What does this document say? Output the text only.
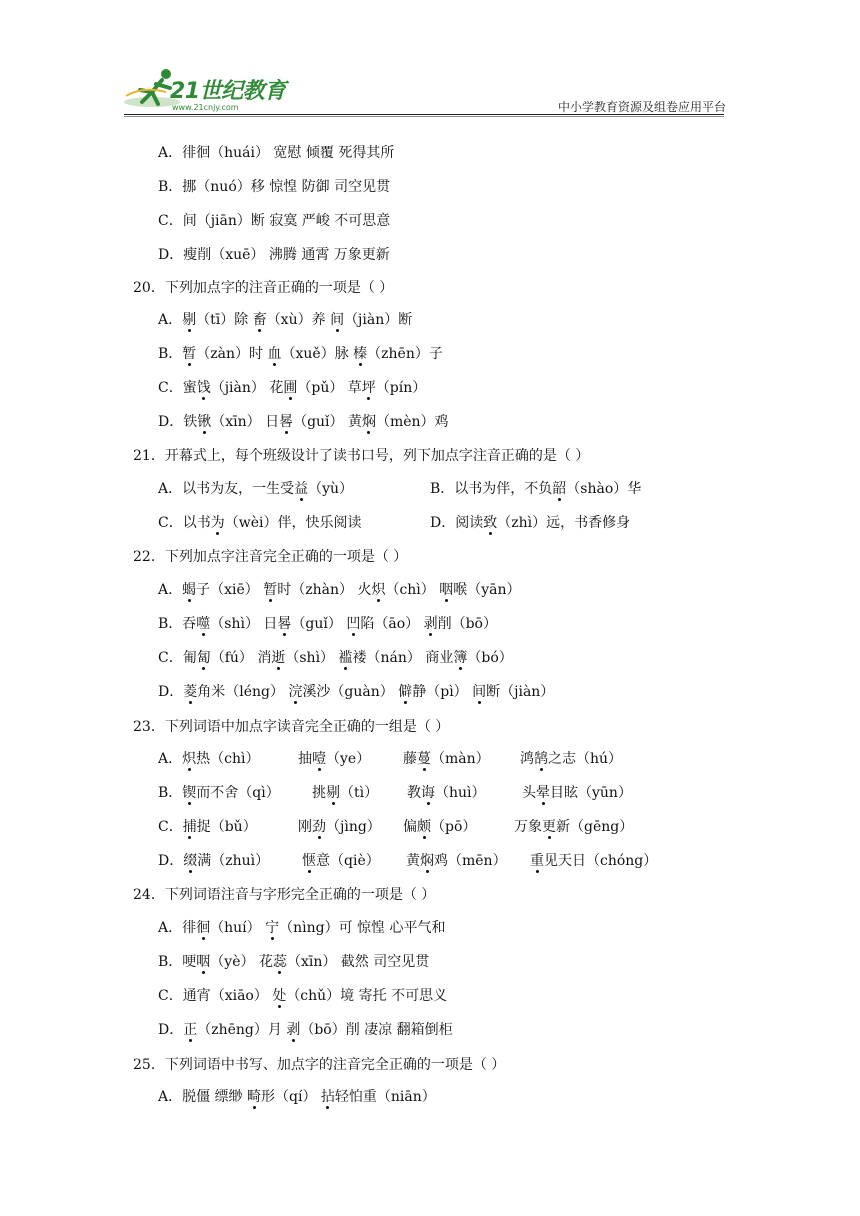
21世纪教育
www.21cnjy.com	中小学教育资源及组卷应用平台
A．徘徊（huái） 宽慰 倾覆 死得其所
B．挪（nuó）移 惊惶 防御 司空见贯
C．间（jiān）断 寂寞 严峻 不可思意
D．瘦削（xuē） 沸腾 通霄 万象更新
20．下列加点字的注音正确的一项是（ ）
A．剔（tī）除 畜（xù）养 间（jiàn）断
B．暂（zàn）时 血（xuě）脉 榛（zhēn）子
C．蜜饯（jiàn） 花圃（pǔ） 草坪（pín）
D．铁锹（xīn） 日晷（guǐ） 黄焖（mèn）鸡
21．开幕式上，每个班级设计了读书口号，列下加点字注音正确的是（ ）
A．以书为友，一生受益（yù）	B．以书为伴，不负韶（shào）华
C．以书为（wèi）伴，快乐阅读	D．阅读致（zhì）远，书香修身
22．下列加点字注音完全正确的一项是（ ）
A．蝎子（xiē） 暂时（zhàn） 火炽（chì） 咽喉（yān）
B．吞噬（shì） 日晷（guǐ） 凹陷（āo） 剥削（bō）
C．匍匐（fú） 消逝（shì） 褴褛（nán） 商业簿（bó）
D．菱角米（léng） 浣溪沙（guàn） 僻静（pì） 间断（jiàn）
23．下列词语中加点字读音完全正确的一组是（ ）
A．炽热（chì）	抽噎（ye） 藤蔓（màn） 鸿鹄之志（hú）
B．锲而不舍（qì） 挑剔（tì） 教诲（huì）	头晕目眩（yūn）
C．捕捉（bǔ）	刚劲（jìng） 偏颇（pō）	万象更新（gēng）
D．缀满（zhuì） 惬意（qiè） 黄焖鸡（mēn） 重见天日（chóng）
24．下列词语注音与字形完全正确的一项是（ ）
A．徘徊（huí） 宁（nìng）可 惊惶 心平气和
B．哽咽（yè） 花蕊（xīn） 截然 司空见贯
C．通宵（xiāo） 处（chǔ）境 寄托 不可思义
D．正（zhēng）月 剥（bō）削 凄凉 翻箱倒柜
25．下列词语中书写、加点字的注音完全正确的一项是（ ）
A．脱僵 缥缈 畸形（qí） 拈轻怕重（niān）
